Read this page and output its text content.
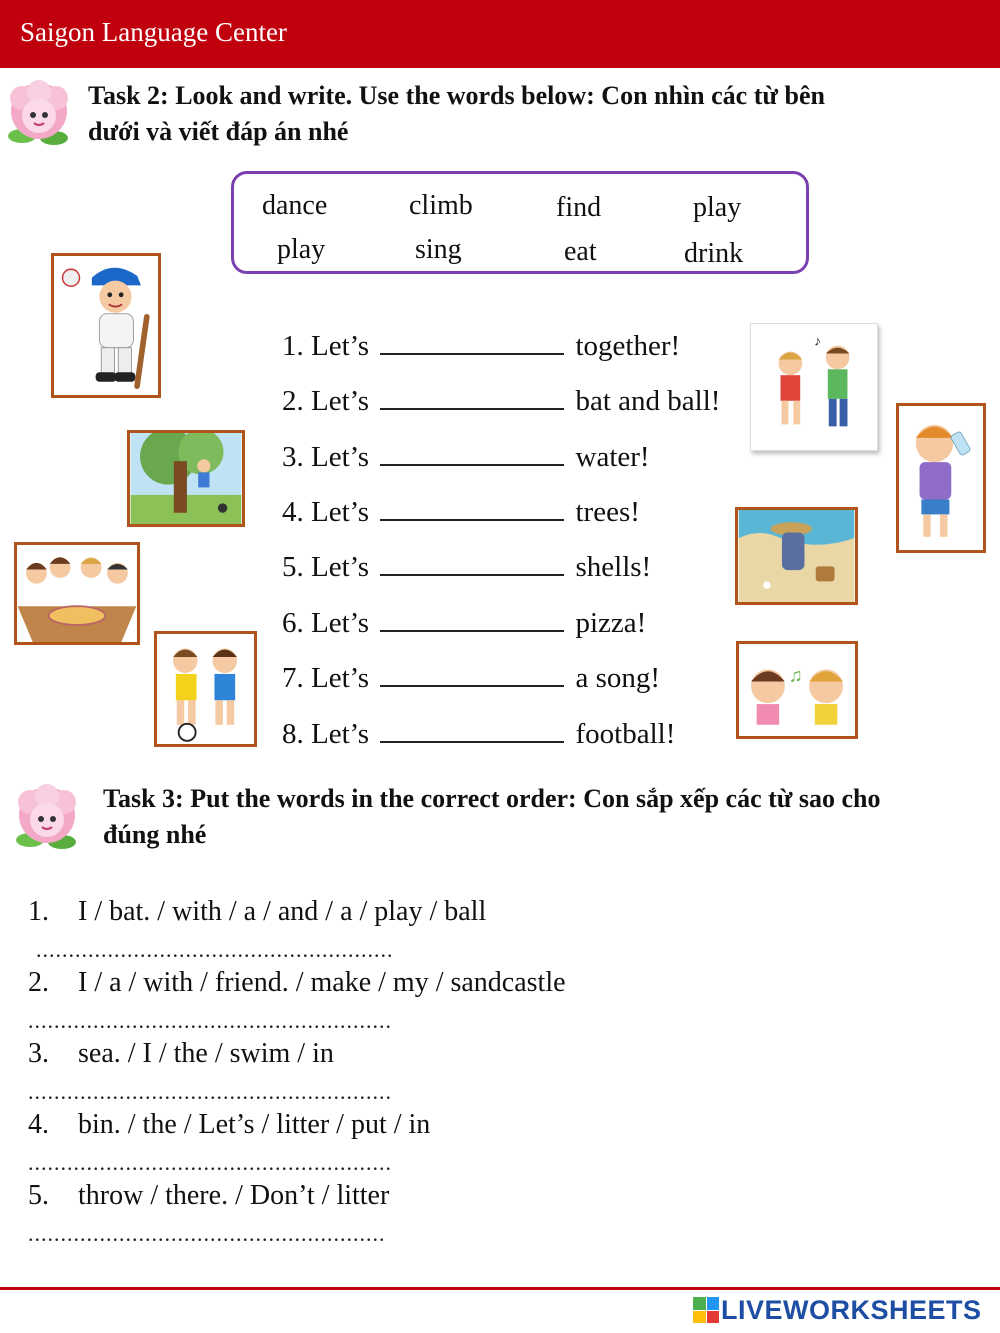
Saigon Language Center
Task 2: Look and write. Use the words below: Con nhìn các từ bên
dưới và viết đáp án nhé
dance	climb	find	play
play	sing	eat	drink
♪
♫
1. Let’s	together!
2. Let’s	bat and ball!
3. Let’s	water!
4. Let’s	trees!
5. Let’s	shells!
6. Let’s	pizza!
7. Let’s	a song!
8. Let’s	football!
Task 3: Put the words in the correct order: Con sắp xếp các từ sao cho
đúng nhé
1. I / bat. / with / a / and / a / play / ball
.......................................................
2. I / a / with / friend. / make / my / sandcastle
........................................................
3. sea. / I / the / swim / in
........................................................
4. bin. / the / Let’s / litter / put / in
........................................................
5. throw / there. / Don’t / litter
.......................................................
LIVEWORKSHEETS
